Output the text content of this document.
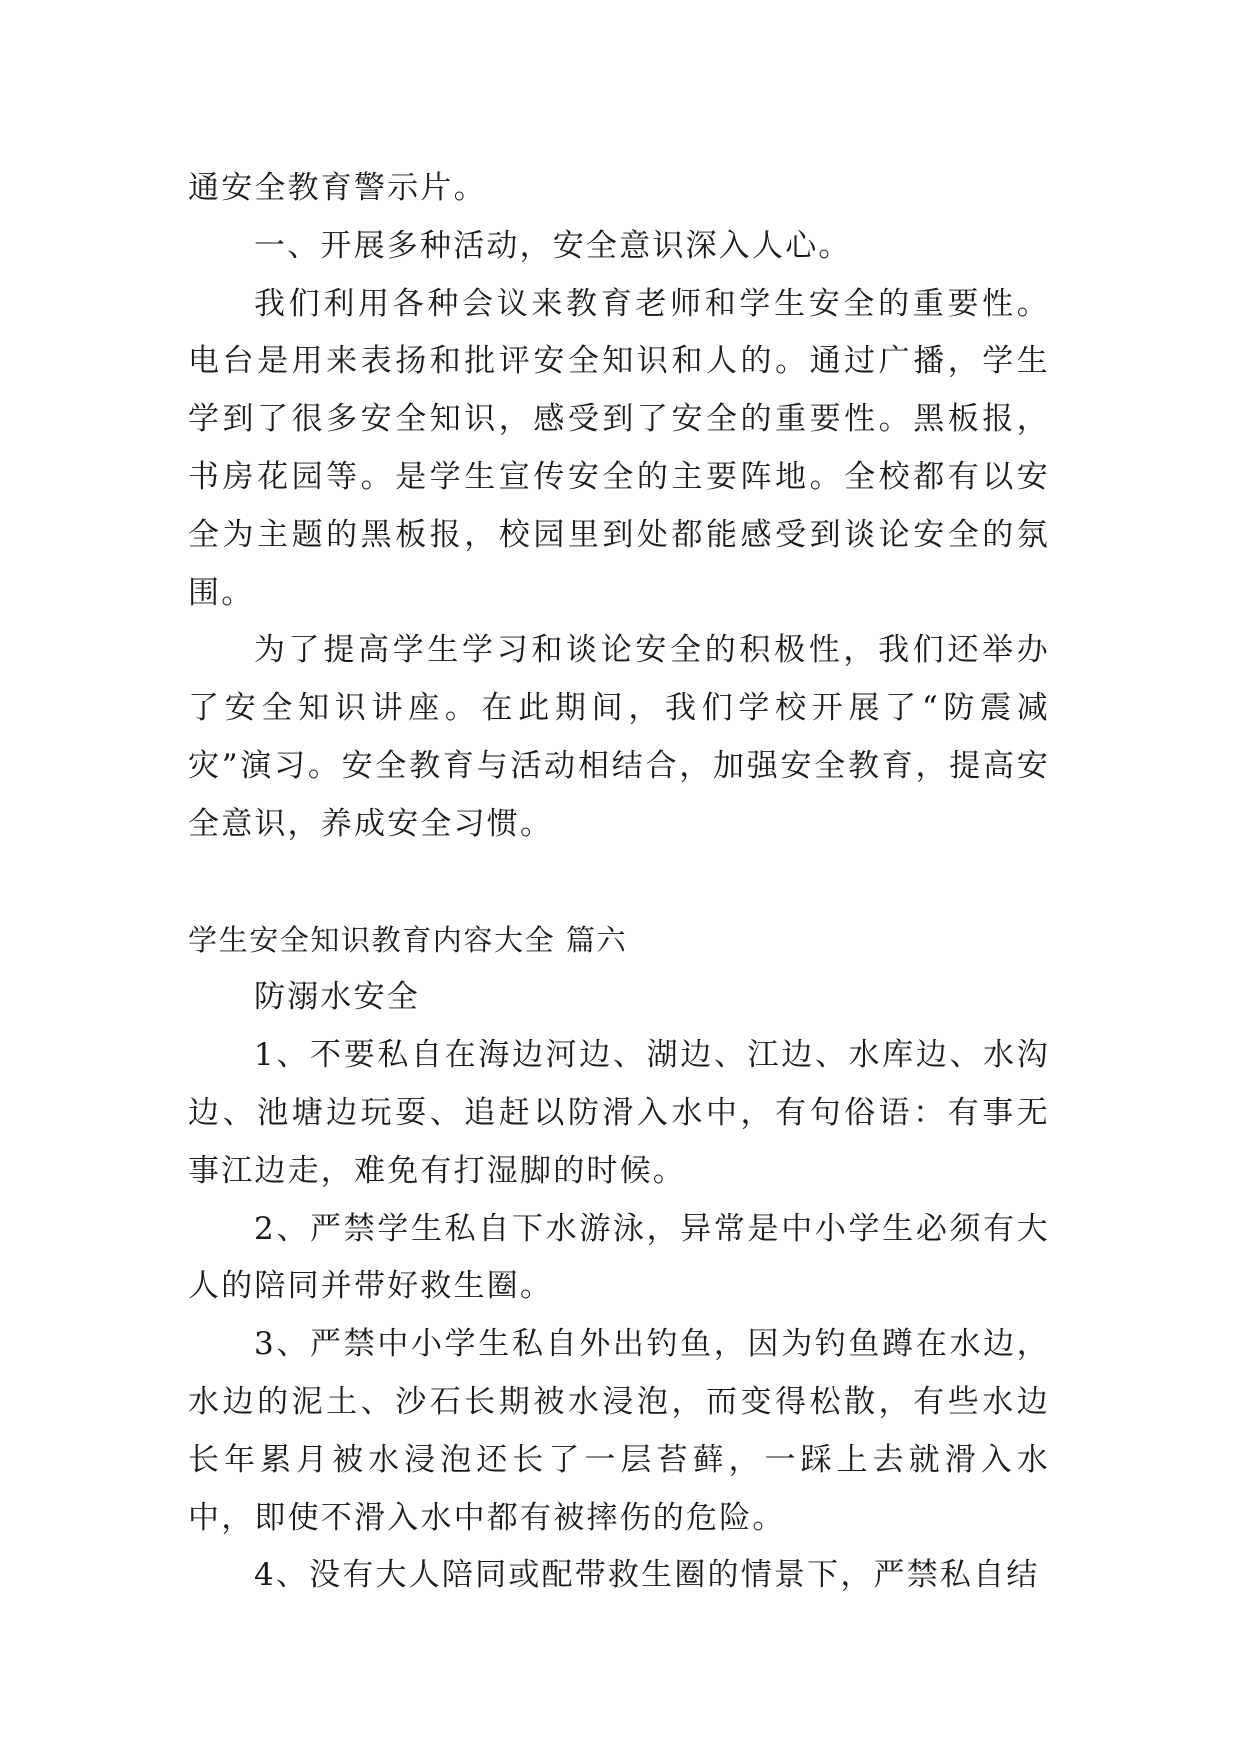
通安全教育警示片。

一、开展多种活动，安全意识深入人心。

我们利用各种会议来教育老师和学生安全的重要性。电台是用来表扬和批评安全知识和人的。通过广播，学生学到了很多安全知识，感受到了安全的重要性。黑板报，书房花园等。是学生宣传安全的主要阵地。全校都有以安全为主题的黑板报，校园里到处都能感受到谈论安全的氛围。

为了提高学生学习和谈论安全的积极性，我们还举办了安全知识讲座。在此期间，我们学校开展了“防震减灾”演习。安全教育与活动相结合，加强安全教育，提高安全意识，养成安全习惯。

学生安全知识教育内容大全 篇六

防溺水安全

1、不要私自在海边河边、湖边、江边、水库边、水沟边、池塘边玩耍、追赶以防滑入水中，有句俗语：有事无事江边走，难免有打湿脚的时候。

2、严禁学生私自下水游泳，异常是中小学生必须有大人的陪同并带好救生圈。

3、严禁中小学生私自外出钓鱼，因为钓鱼蹲在水边，水边的泥土、沙石长期被水浸泡，而变得松散，有些水边长年累月被水浸泡还长了一层苔藓，一踩上去就滑入水中，即使不滑入水中都有被摔伤的危险。

4、没有大人陪同或配带救生圈的情景下，严禁私自结
